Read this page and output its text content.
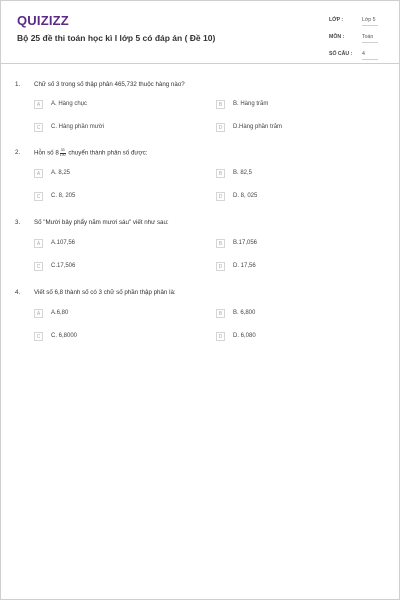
QUIZIZZ
Bộ 25 đề thi toán học kì I lớp 5 có đáp án ( Đề 10)
LỚP :	Lớp 5
MÔN :	Toán
SỐ CÂU : 4
1. Chữ số 3 trong số thập phân 465,732 thuộc hàng nào?
A	A. Hàng chục	B	B. Hàng trăm
C	C. Hàng phần mười	D	D.Hàng phần trăm
2. Hỗn số $8 \frac{33}{100}$ chuyển thành phân số được:
A	A. 8,25	B	B. 82,5
C	C. 8, 205	D	D. 8, 025
3. Số "Mười bảy phẩy năm mươi sáu" viết như sau:
A	A.107,56	B	B.17,056
C	C.17,506	D	D. 17,56
4. Viết số 6,8 thành số có 3 chữ số phần thập phân là:
A	A.6,80	B	B. 6,800
C	C. 6,8000	D	D. 6,080
